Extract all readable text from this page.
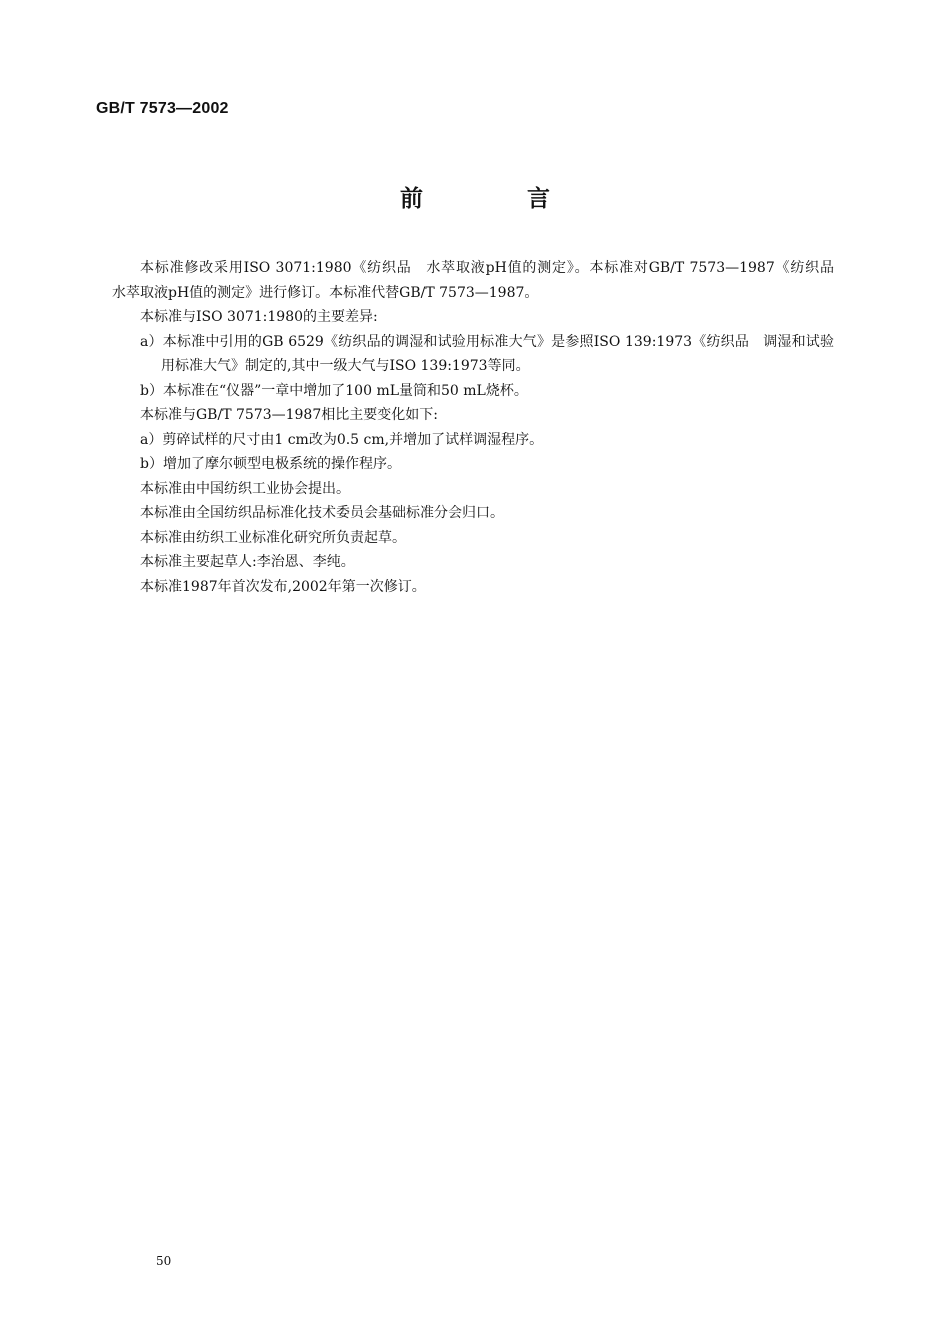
GB/T 7573—2002
前 言

本标准修改采用ISO 3071:1980《纺织品　水萃取液pH值的测定》。本标准对GB/T 7573—1987《纺织品　水萃取液pH值的测定》进行修订。本标准代替GB/T 7573—1987。

本标准与ISO 3071:1980的主要差异:

a）本标准中引用的GB 6529《纺织品的调湿和试验用标准大气》是参照ISO 139:1973《纺织品　调湿和试验用标准大气》制定的,其中一级大气与ISO 139:1973等同。

b）本标准在“仪器”一章中增加了100 mL量筒和50 mL烧杯。

本标准与GB/T 7573—1987相比主要变化如下:

a）剪碎试样的尺寸由1 cm改为0.5 cm,并增加了试样调湿程序。

b）增加了摩尔顿型电极系统的操作程序。

本标准由中国纺织工业协会提出。

本标准由全国纺织品标准化技术委员会基础标准分会归口。

本标准由纺织工业标准化研究所负责起草。

本标准主要起草人:李治恩、李纯。

本标准1987年首次发布,2002年第一次修订。

50
